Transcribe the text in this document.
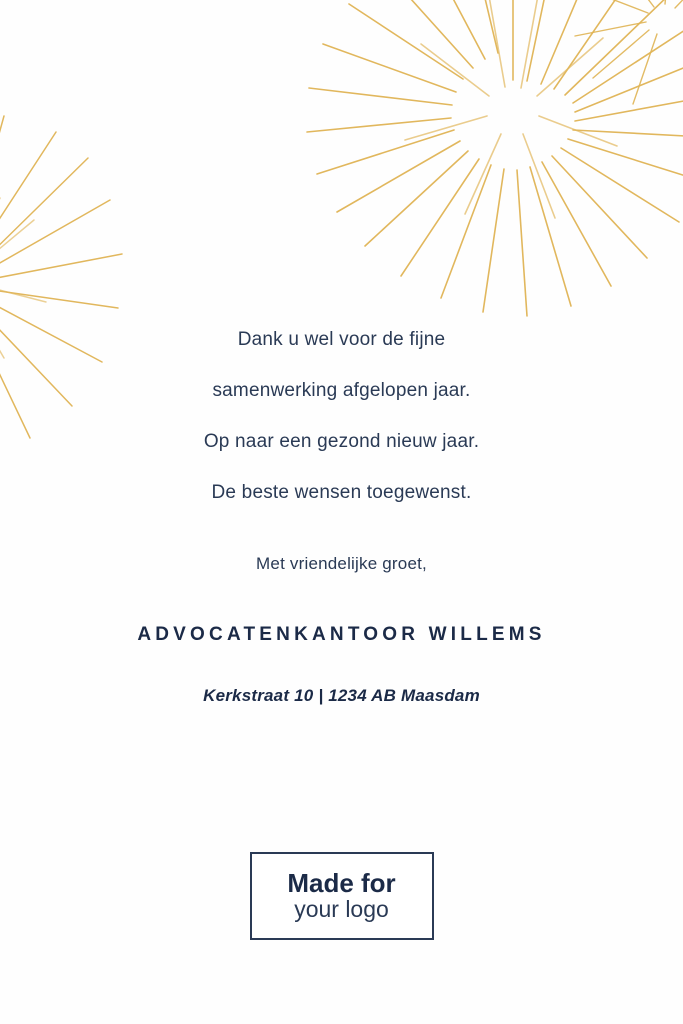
Dank u wel voor de fijne

samenwerking afgelopen jaar.

Op naar een gezond nieuw jaar.

De beste wensen toegewenst.

Met vriendelijke groet,

ADVOCATENKANTOOR WILLEMS

Kerkstraat 10 | 1234 AB Maasdam

Made for
your logo
